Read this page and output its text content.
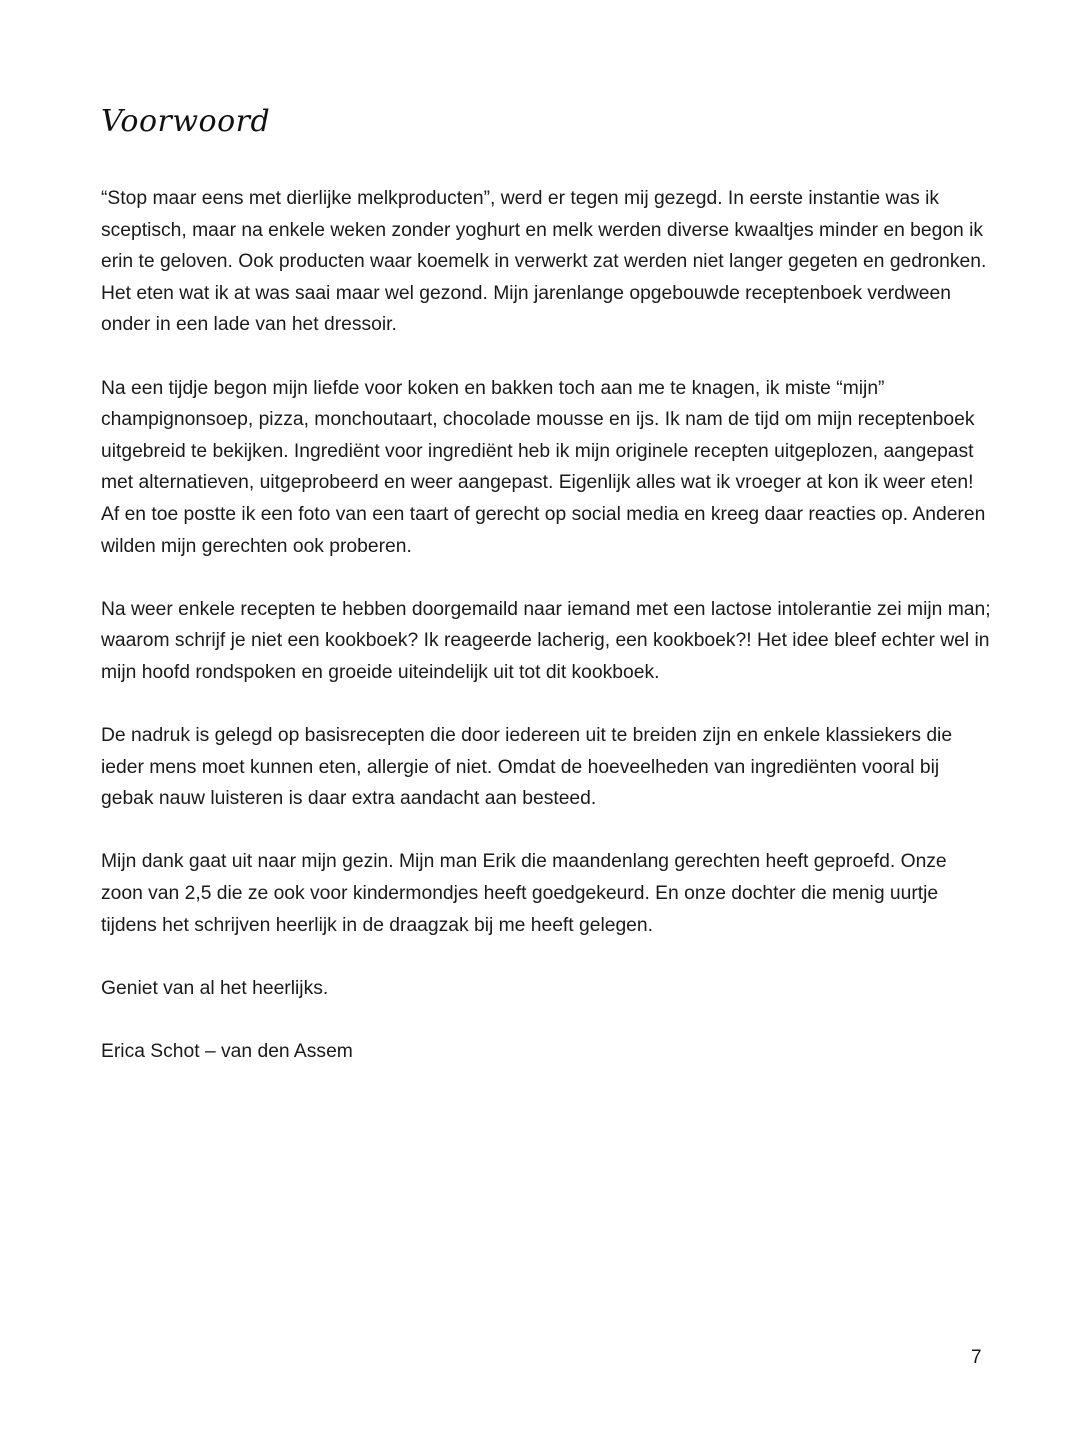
Voorwoord

“Stop maar eens met dierlijke melkproducten”, werd er tegen mij gezegd. In eerste instantie was ik sceptisch, maar na enkele weken zonder yoghurt en melk werden diverse kwaaltjes minder en begon ik erin te geloven. Ook producten waar koemelk in verwerkt zat werden niet langer gegeten en gedronken. Het eten wat ik at was saai maar wel gezond. Mijn jarenlange opgebouwde receptenboek verdween onder in een lade van het dressoir.

Na een tijdje begon mijn liefde voor koken en bakken toch aan me te knagen, ik miste “mijn” champignonsoep, pizza, monchoutaart, chocolade mousse en ijs. Ik nam de tijd om mijn receptenboek uitgebreid te bekijken. Ingrediënt voor ingrediënt heb ik mijn originele recepten uitgeplozen, aangepast met alternatieven, uitgeprobeerd en weer aangepast. Eigenlijk alles wat ik vroeger at kon ik weer eten! Af en toe postte ik een foto van een taart of gerecht op social media en kreeg daar reacties op. Anderen wilden mijn gerechten ook proberen.

Na weer enkele recepten te hebben doorgemaild naar iemand met een lactose intolerantie zei mijn man; waarom schrijf je niet een kookboek? Ik reageerde lacherig, een kookboek?! Het idee bleef echter wel in mijn hoofd rondspoken en groeide uiteindelijk uit tot dit kookboek.

De nadruk is gelegd op basisrecepten die door iedereen uit te breiden zijn en enkele klassiekers die ieder mens moet kunnen eten, allergie of niet. Omdat de hoeveelheden van ingrediënten vooral bij gebak nauw luisteren is daar extra aandacht aan besteed.

Mijn dank gaat uit naar mijn gezin. Mijn man Erik die maandenlang gerechten heeft geproefd. Onze zoon van 2,5 die ze ook voor kindermondjes heeft goedgekeurd. En onze dochter die menig uurtje tijdens het schrijven heerlijk in de draagzak bij me heeft gelegen.

Geniet van al het heerlijks.

Erica Schot – van den Assem

7
